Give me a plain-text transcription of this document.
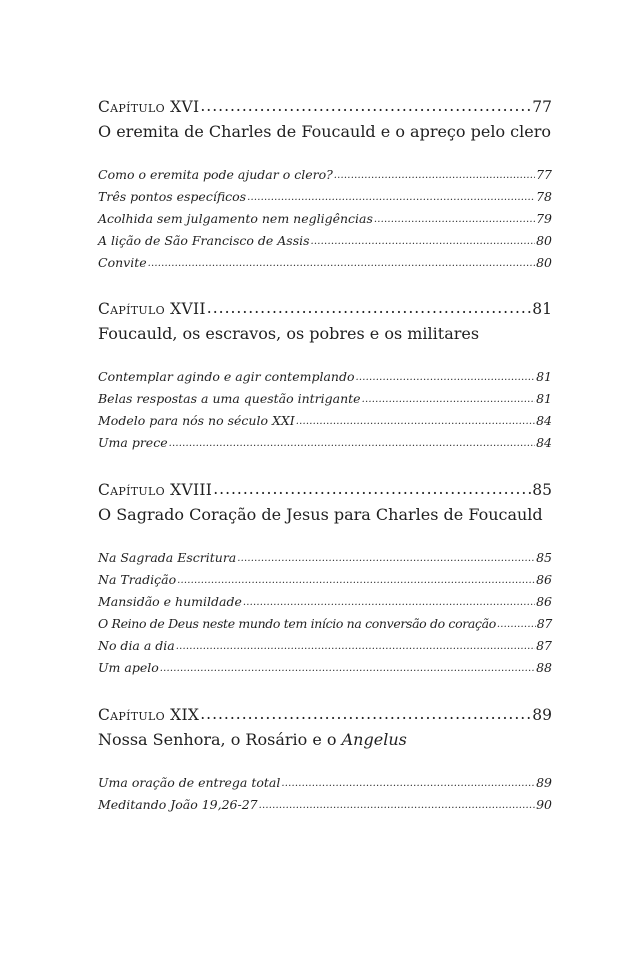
Capítulo XVI .....	77
O eremita de Charles de Foucauld e o apreço pelo clero
Como o eremita pode ajudar o clero? .....	77
Três pontos específicos .....	78
Acolhida sem julgamento nem negligências .....	79
A lição de São Francisco de Assis .....	80
Convite .....	80
Capítulo XVII .....	81
Foucauld, os escravos, os pobres e os militares
Contemplar agindo e agir contemplando .....	81
Belas respostas a uma questão intrigante .....	81
Modelo para nós no século XXI .....	84
Uma prece .....	84
Capítulo XVIII .....	85
O Sagrado Coração de Jesus para Charles de Foucauld
Na Sagrada Escritura .....	85
Na Tradição .....	86
Mansidão e humildade .....	86
O Reino de Deus neste mundo tem início na conversão do coração .....	87
No dia a dia .....	87
Um apelo .....	88
Capítulo XIX .....	89
Nossa Senhora, o Rosário e o Angelus
Uma oração de entrega total .....	89
Meditando João 19,26-27 .....	90
